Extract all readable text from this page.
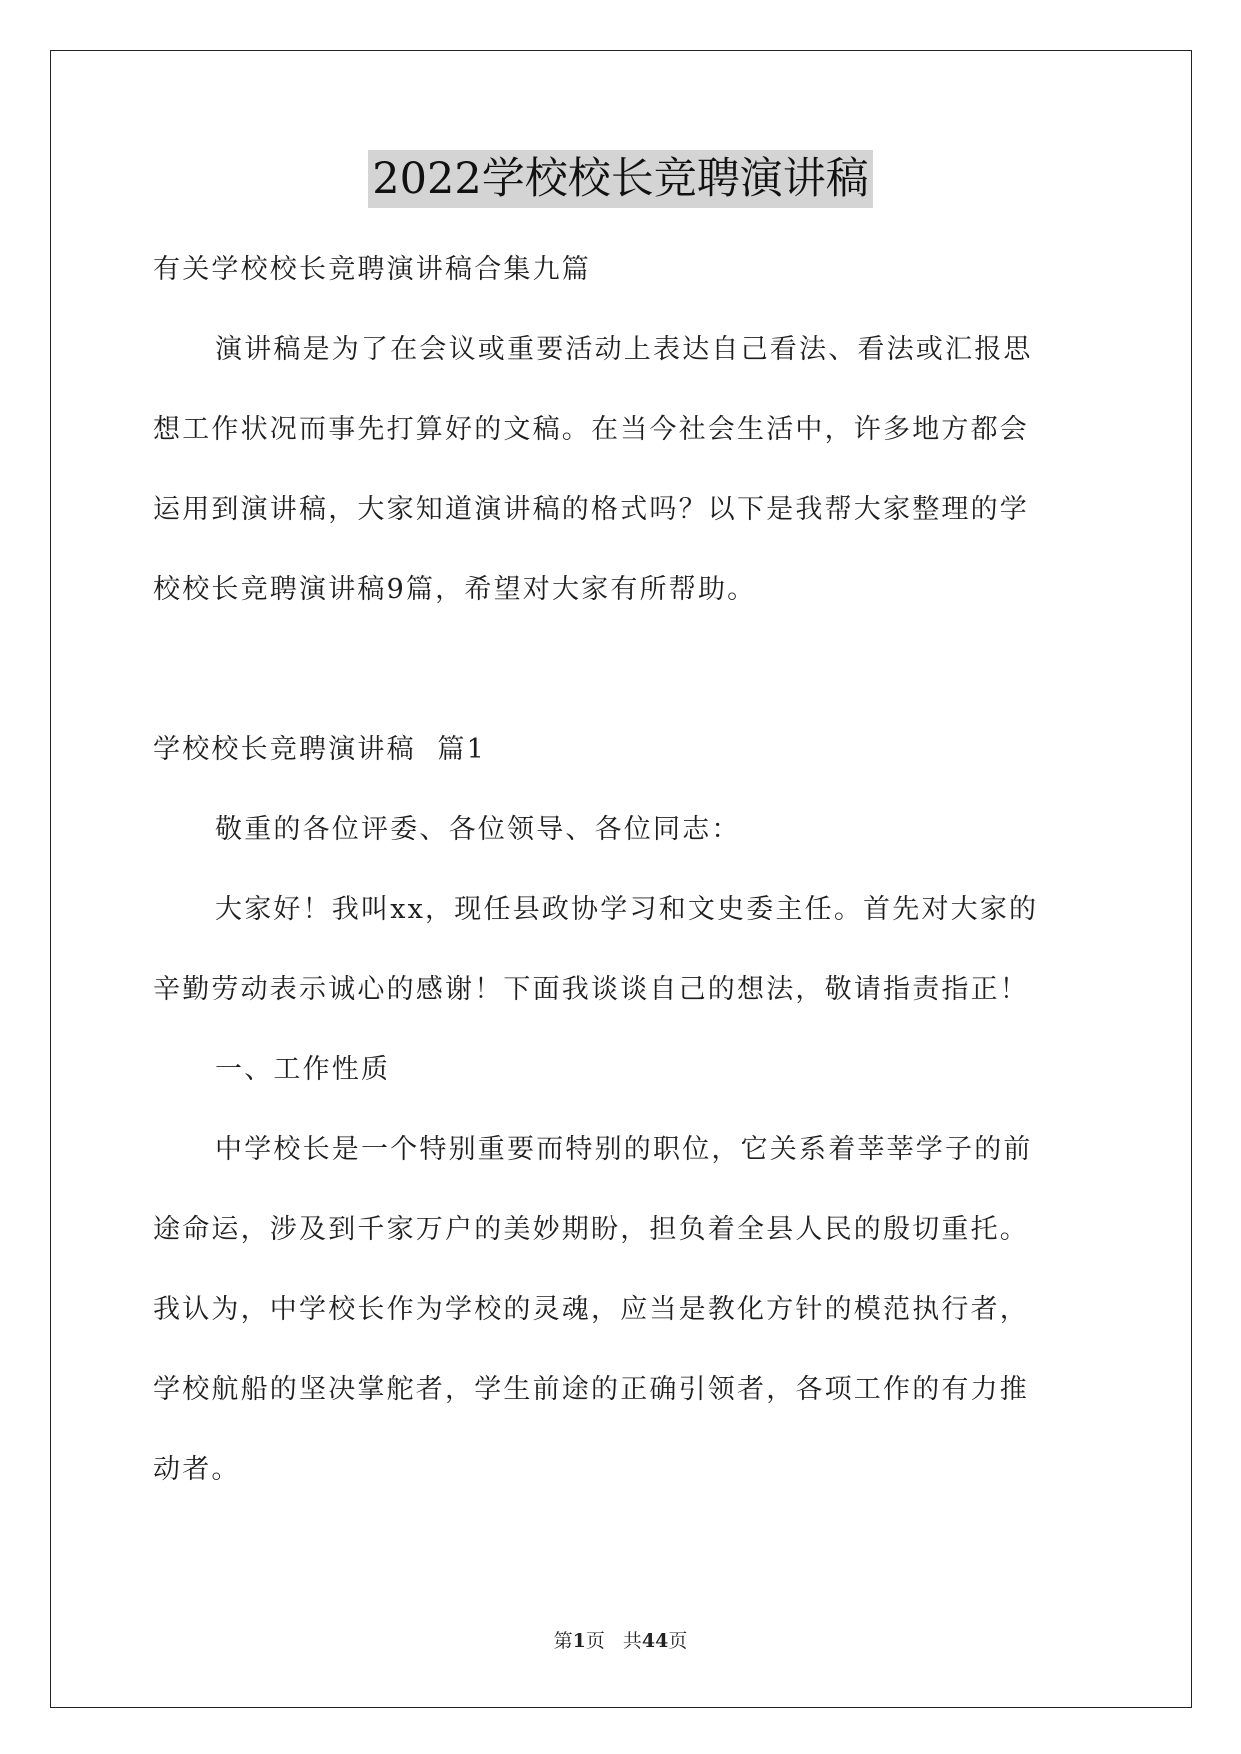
2022学校校长竞聘演讲稿
有关学校校长竞聘演讲稿合集九篇
演讲稿是为了在会议或重要活动上表达自己看法、看法或汇报思
想工作状况而事先打算好的文稿。在当今社会生活中，许多地方都会
运用到演讲稿，大家知道演讲稿的格式吗？以下是我帮大家整理的学
校校长竞聘演讲稿9篇，希望对大家有所帮助。
学校校长竞聘演讲稿  篇1
敬重的各位评委、各位领导、各位同志：
大家好！我叫xx，现任县政协学习和文史委主任。首先对大家的
辛勤劳动表示诚心的感谢！下面我谈谈自己的想法，敬请指责指正！
一、工作性质
中学校长是一个特别重要而特别的职位，它关系着莘莘学子的前
途命运，涉及到千家万户的美妙期盼，担负着全县人民的殷切重托。
我认为，中学校长作为学校的灵魂，应当是教化方针的模范执行者，
学校航船的坚决掌舵者，学生前途的正确引领者，各项工作的有力推
动者。
第1页 共44页
